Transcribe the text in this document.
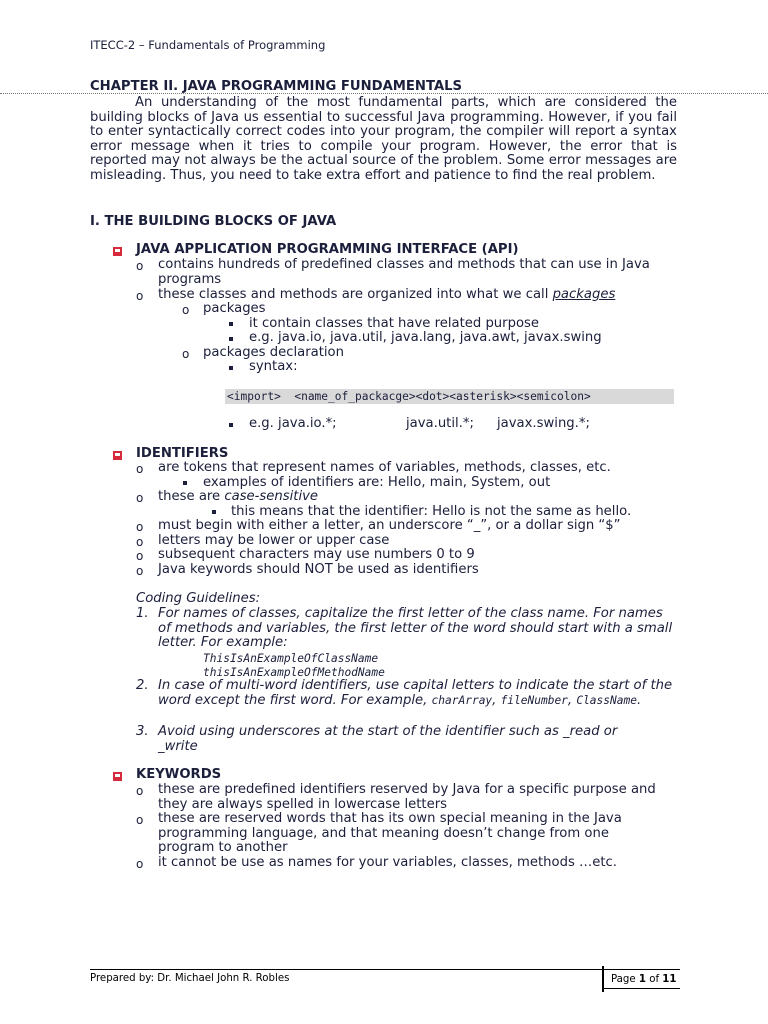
ITECC-2 – Fundamentals of Programming
CHAPTER II. JAVA PROGRAMMING FUNDAMENTALS
An understanding of the most fundamental parts, which are considered the building blocks of Java us essential to successful Java programming. However, if you fail to enter syntactically correct codes into your program, the compiler will report a syntax error message when it tries to compile your program. However, the error that is reported may not always be the actual source of the problem. Some error messages are misleading. Thus, you need to take extra effort and patience to find the real problem.
I. THE BUILDING BLOCKS OF JAVA
JAVA APPLICATION PROGRAMMING INTERFACE (API)
o contains hundreds of predefined classes and methods that can use in Java
programs
o these classes and methods are organized into what we call packages
o packages
it contain classes that have related purpose
e.g. java.io, java.util, java.lang, java.awt, javax.swing
o packages declaration
syntax:
<import>  <name_of_packacge><dot><asterisk><semicolon>
e.g. java.io.*;	java.util.*; javax.swing.*;
IDENTIFIERS
o are tokens that represent names of variables, methods, classes, etc.
examples of identifiers are: Hello, main, System, out
o these are case-sensitive
this means that the identifier: Hello is not the same as hello.
o must begin with either a letter, an underscore “_”, or a dollar sign “$”
o letters may be lower or upper case
o subsequent characters may use numbers 0 to 9
o Java keywords should NOT be used as identifiers
Coding Guidelines:
1. For names of classes, capitalize the first letter of the class name. For names of methods and variables, the first letter of the word should start with a small letter. For example:
ThisIsAnExampleOfClassName
thisIsAnExampleOfMethodName
2. In case of multi-word identifiers, use capital letters to indicate the start of the word except the first word. For example, charArray, fileNumber, ClassName.
3. Avoid using underscores at the start of the identifier such as _read or _write
KEYWORDS
o these are predefined identifiers reserved by Java for a specific purpose and they are always spelled in lowercase letters
o these are reserved words that has its own special meaning in the Java programming language, and that meaning doesn’t change from one program to another
o it cannot be use as names for your variables, classes, methods …etc.
Prepared by: Dr. Michael John R. Robles	Page 1 of 11
